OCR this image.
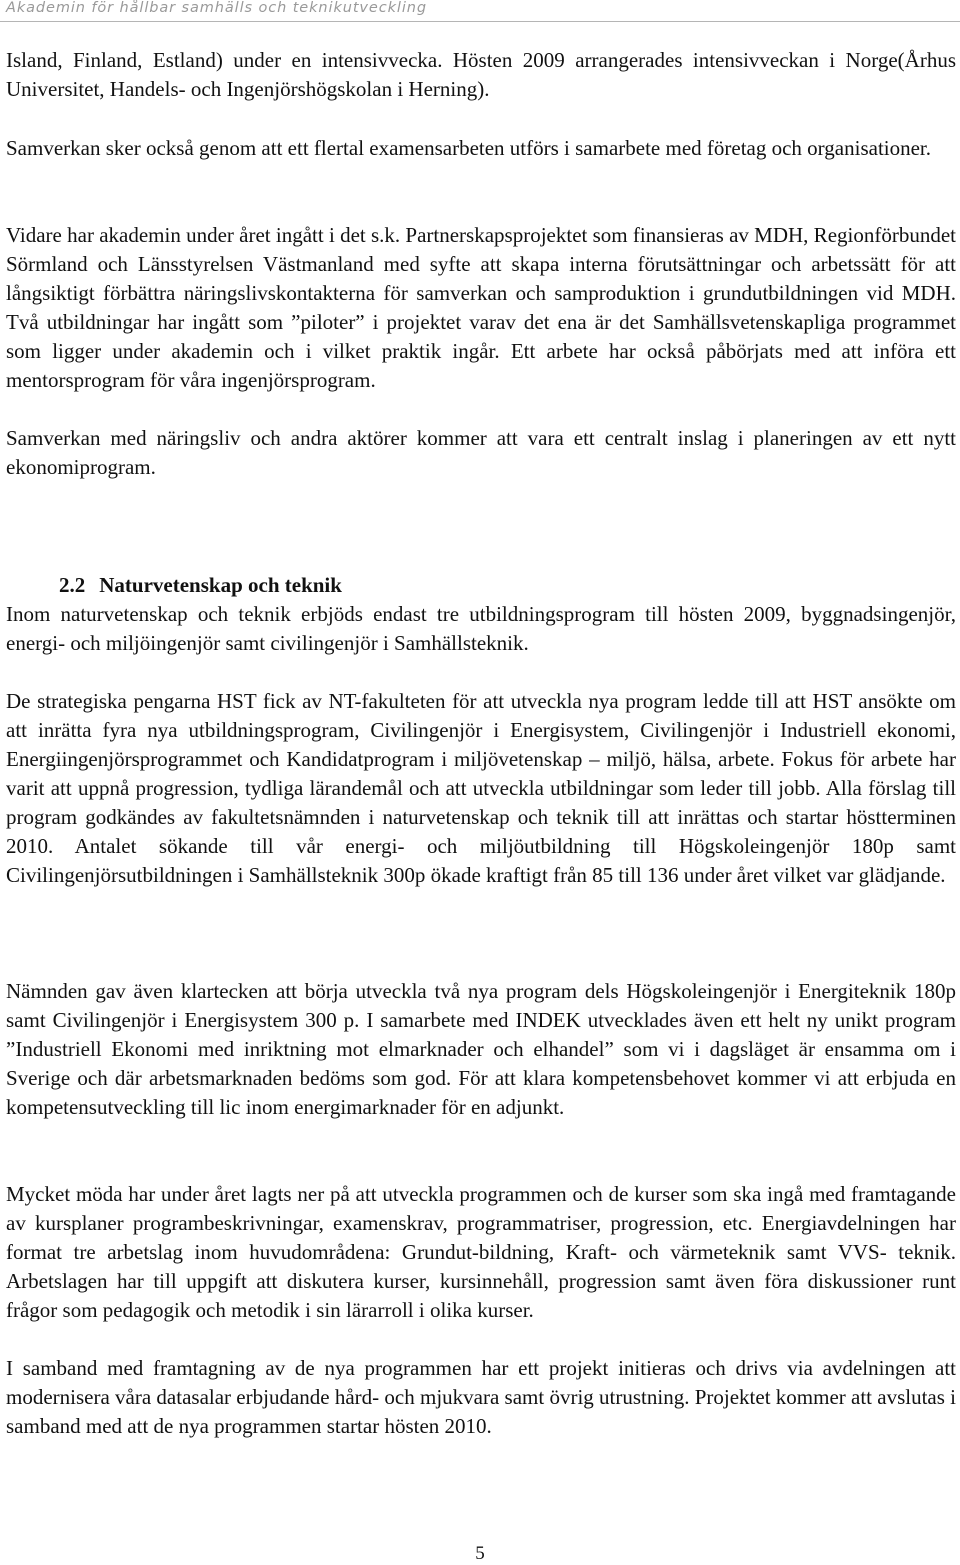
Akademin för hållbar samhälls och teknikutveckling

Island, Finland, Estland) under en intensivvecka. Hösten 2009 arrangerades intensivveckan i Norge(Århus Universitet, Handels- och Ingenjörshögskolan i Herning).

Samverkan sker också genom att ett flertal examensarbeten utförs i samarbete med företag och organisationer.

Vidare har akademin under året ingått i det s.k. Partnerskapsprojektet som finansieras av MDH, Regionförbundet Sörmland och Länsstyrelsen Västmanland med syfte att skapa interna förutsättningar och arbetssätt för att långsiktigt förbättra näringslivskontakterna för samverkan och samproduktion i grundutbildningen vid MDH. Två utbildningar har ingått som ”piloter” i projektet varav det ena är det Samhällsvetenskapliga programmet som ligger under akademin och i vilket praktik ingår. Ett arbete har också påbörjats med att införa ett mentorsprogram för våra ingenjörsprogram.

Samverkan med näringsliv och andra aktörer kommer att vara ett centralt inslag i planeringen av ett nytt ekonomiprogram.

2.2 Naturvetenskap och teknik

Inom naturvetenskap och teknik erbjöds endast tre utbildningsprogram till hösten 2009, byggnadsingenjör, energi- och miljöingenjör samt civilingenjör i Samhällsteknik.

De strategiska pengarna HST fick av NT-fakulteten för att utveckla nya program ledde till att HST ansökte om att inrätta fyra nya utbildningsprogram, Civilingenjör i Energisystem, Civilingenjör i Industriell ekonomi, Energiingenjörsprogrammet och Kandidatprogram i miljövetenskap – miljö, hälsa, arbete. Fokus för arbete har varit att uppnå progression, tydliga lärandemål och att utveckla utbildningar som leder till jobb. Alla förslag till program godkändes av fakultetsnämnden i naturvetenskap och teknik till att inrättas och startar höstterminen 2010. Antalet sökande till vår energi- och miljöutbildning till Högskoleingenjör 180p samt Civilingenjörsutbildningen i Samhällsteknik 300p ökade kraftigt från 85 till 136 under året vilket var glädjande.

Nämnden gav även klartecken att börja utveckla två nya program dels Högskoleingenjör i Energiteknik 180p samt Civilingenjör i Energisystem 300 p. I samarbete med INDEK utvecklades även ett helt ny unikt program ”Industriell Ekonomi med inriktning mot elmarknader och elhandel” som vi i dagsläget är ensamma om i Sverige och där arbetsmarknaden bedöms som god. För att klara kompetensbehovet kommer vi att erbjuda en kompetensutveckling till lic inom energimarknader för en adjunkt.

Mycket möda har under året lagts ner på att utveckla programmen och de kurser som ska ingå med framtagande av kursplaner programbeskrivningar, examenskrav, programmatriser, progression, etc. Energiavdelningen har format tre arbetslag inom huvudområdena: Grundut-bildning, Kraft- och värmeteknik samt VVS- teknik. Arbetslagen har till uppgift att diskutera kurser, kursinnehåll, progression samt även föra diskussioner runt frågor som pedagogik och metodik i sin lärarroll i olika kurser.

I samband med framtagning av de nya programmen har ett projekt initieras och drivs via avdelningen att modernisera våra datasalar erbjudande hård- och mjukvara samt övrig utrustning. Projektet kommer att avslutas i samband med att de nya programmen startar hösten 2010.

5
